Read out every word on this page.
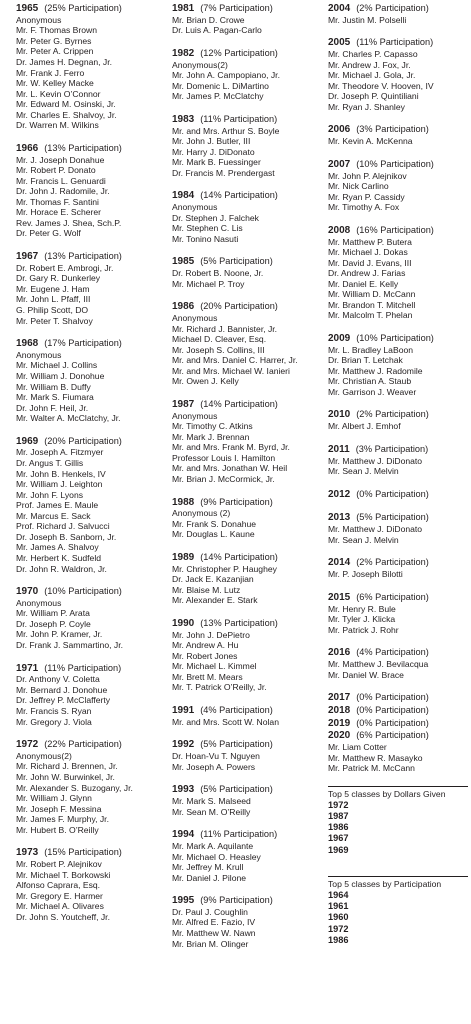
1965 (25% Participation)
Anonymous
Mr. F. Thomas Brown
Mr. Peter G. Byrnes
Mr. Peter A. Crippen
Dr. James H. Degnan, Jr.
Mr. Frank J. Ferro
Mr. W. Kelley Macke
Mr. L. Kevin O’Connor
Mr. Edward M. Osinski, Jr.
Mr. Charles E. Shalvoy, Jr.
Dr. Warren M. Wilkins
1966 (13% Participation)
Mr. J. Joseph Donahue
Mr. Robert P. Donato
Mr. Francis L. Genuardi
Dr. John J. Radomile, Jr.
Mr. Thomas F. Santini
Mr. Horace E. Scherer
Rev. James J. Shea, Sch.P.
Dr. Peter G. Wolf
1967 (13% Participation)
Dr. Robert E. Ambrogi, Jr.
Dr. Gary R. Dunkerley
Mr. Eugene J. Ham
Mr. John L. Pfaff, III
G. Philip Scott, DO
Mr. Peter T. Shalvoy
1968 (17% Participation)
Anonymous
Mr. Michael J. Collins
Mr. William J. Donohue
Mr. William B. Duffy
Mr. Mark S. Fiumara
Dr. John F. Heil, Jr.
Mr. Walter A. McClatchy, Jr.
1969 (20% Participation)
Mr. Joseph A. Fitzmyer
Dr. Angus T. Gillis
Mr. John B. Henkels, IV
Mr. William J. Leighton
Mr. John F. Lyons
Prof. James E. Maule
Mr. Marcus E. Sack
Prof. Richard J. Salvucci
Dr. Joseph B. Sanborn, Jr.
Mr. James A. Shalvoy
Mr. Herbert K. Sudfeld
Dr. John R. Waldron, Jr.
1970 (10% Participation)
Anonymous
Mr. William P. Arata
Dr. Joseph P. Coyle
Mr. John P. Kramer, Jr.
Dr. Frank J. Sammartino, Jr.
1971 (11% Participation)
Dr. Anthony V. Coletta
Mr. Bernard J. Donohue
Dr. Jeffrey P. McClafferty
Mr. Francis S. Ryan
Mr. Gregory J. Viola
1972 (22% Participation)
Anonymous(2)
Mr. Richard J. Brennen, Jr.
Mr. John W. Burwinkel, Jr.
Mr. Alexander S. Buzogany, Jr.
Mr. William J. Glynn
Mr. Joseph F. Messina
Mr. James F. Murphy, Jr.
Mr. Hubert B. O’Reilly
1973 (15% Participation)
Mr. Robert P. Alejnikov
Mr. Michael T. Borkowski
Alfonso Caprara, Esq.
Mr. Gregory E. Harmer
Mr. Michael A. Olivares
Dr. John S. Youtcheff, Jr.
1981 (7% Participation)
Mr. Brian D. Crowe
Dr. Luis A. Pagan-Carlo
1982 (12% Participation)
Anonymous(2)
Mr. John A. Campopiano, Jr.
Mr. Domenic L. DiMartino
Mr. James P. McClatchy
1983 (11% Participation)
Mr. and Mrs. Arthur S. Boyle
Mr. John J. Butler, III
Mr. Harry J. DiDonato
Mr. Mark B. Fuessinger
Dr. Francis M. Prendergast
1984 (14% Participation)
Anonymous
Dr. Stephen J. Falchek
Mr. Stephen C. Lis
Mr. Tonino Nasuti
1985 (5% Participation)
Dr. Robert B. Noone, Jr.
Mr. Michael P. Troy
1986 (20% Participation)
Anonymous
Mr. Richard J. Bannister, Jr.
Michael D. Cleaver, Esq.
Mr. Joseph S. Collins, III
Mr. and Mrs. Daniel C. Harrer, Jr.
Mr. and Mrs. Michael W. Ianieri
Mr. Owen J. Kelly
1987 (14% Participation)
Anonymous
Mr. Timothy C. Atkins
Mr. Mark J. Brennan
Mr. and Mrs. Frank M. Byrd, Jr.
Professor Louis I. Hamilton
Mr. and Mrs. Jonathan W. Heil
Mr. Brian J. McCormick, Jr.
1988 (9% Participation)
Anonymous (2)
Mr. Frank S. Donahue
Mr. Douglas L. Kaune
1989 (14% Participation)
Mr. Christopher P. Haughey
Dr. Jack E. Kazanjian
Mr. Blaise M. Lutz
Mr. Alexander E. Stark
1990 (13% Participation)
Mr. John J. DePietro
Mr. Andrew A. Hu
Mr. Robert Jones
Mr. Michael L. Kimmel
Mr. Brett M. Mears
Mr. T. Patrick O’Reilly, Jr.
1991 (4% Participation)
Mr. and Mrs. Scott W. Nolan
1992 (5% Participation)
Dr. Hoan-Vu T. Nguyen
Mr. Joseph A. Powers
1993 (5% Participation)
Mr. Mark S. Malseed
Mr. Sean M. O’Reilly
1994 (11% Participation)
Mr. Mark A. Aquilante
Mr. Michael O. Heasley
Mr. Jeffrey M. Krull
Mr. Daniel J. Pilone
1995 (9% Participation)
Dr. Paul J. Coughlin
Mr. Alfred E. Fazio, IV
Mr. Matthew W. Nawn
Mr. Brian M. Olinger
2004 (2% Participation)
Mr. Justin M. Polselli
2005 (11% Participation)
Mr. Charles P. Capasso
Mr. Andrew J. Fox, Jr.
Mr. Michael J. Gola, Jr.
Mr. Theodore V. Hooven, IV
Dr. Joseph P. Quintiliani
Mr. Ryan J. Shanley
2006 (3% Participation)
Mr. Kevin A. McKenna
2007 (10% Participation)
Mr. John P. Alejnikov
Mr. Nick Carlino
Mr. Ryan P. Cassidy
Mr. Timothy A. Fox
2008 (16% Participation)
Mr. Matthew P. Butera
Mr. Michael J. Dokas
Mr. David J. Evans, III
Dr. Andrew J. Farias
Mr. Daniel E. Kelly
Mr. William D. McCann
Mr. Brandon T. Mitchell
Mr. Malcolm T. Phelan
2009 (10% Participation)
Mr. L. Bradley LaBoon
Dr. Brian T. Letchak
Mr. Matthew J. Radomile
Mr. Christian A. Staub
Mr. Garrison J. Weaver
2010 (2% Participation)
Mr. Albert J. Emhof
2011 (3% Participation)
Mr. Matthew J. DiDonato
Mr. Sean J. Melvin
2012 (0% Participation)
2013 (5% Participation)
Mr. Matthew J. DiDonato
Mr. Sean J. Melvin
2014 (2% Participation)
Mr. P. Joseph Bilotti
2015 (6% Participation)
Mr. Henry R. Bule
Mr. Tyler J. Klicka
Mr. Patrick J. Rohr
2016 (4% Participation)
Mr. Matthew J. Bevilacqua
Mr. Daniel W. Brace
2017 (0% Participation)
2018 (0% Participation)
2019 (0% Participation)
2020 (6% Participation)
Mr. Liam Cotter
Mr. Matthew R. Masayko
Mr. Patrick M. McCann
Top 5 classes by Dollars Given
1972
1987
1986
1967
1969
Top 5 classes by Participation
1964
1961
1960
1972
1986
